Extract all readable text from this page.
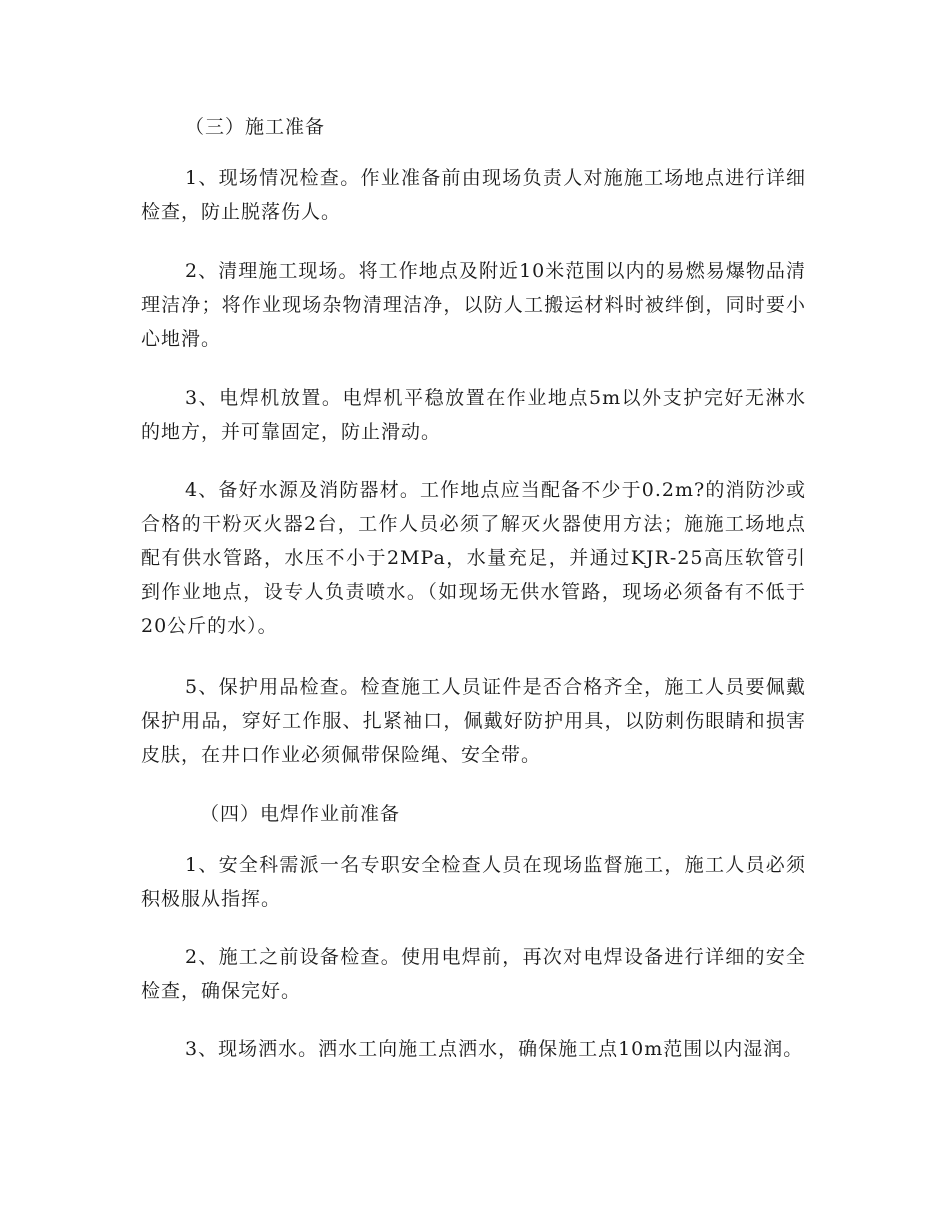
（三）施工准备

1、现场情况检查。作业准备前由现场负责人对施施工场地点进行详细检查，防止脱落伤人。

2、清理施工现场。将工作地点及附近10米范围以内的易燃易爆物品清理洁净；将作业现场杂物清理洁净，以防人工搬运材料时被绊倒，同时要小心地滑。

3、电焊机放置。电焊机平稳放置在作业地点5m以外支护完好无淋水的地方，并可靠固定，防止滑动。

4、备好水源及消防器材。工作地点应当配备不少于0.2m?的消防沙或合格的干粉灭火器2台，工作人员必须了解灭火器使用方法；施施工场地点配有供水管路，水压不小于2MPa，水量充足，并通过KJR-25高压软管引到作业地点，设专人负责喷水。（如现场无供水管路，现场必须备有不低于20公斤的水）。

5、保护用品检查。检查施工人员证件是否合格齐全，施工人员要佩戴保护用品，穿好工作服、扎紧袖口，佩戴好防护用具，以防刺伤眼睛和损害皮肤，在井口作业必须佩带保险绳、安全带。

（四）电焊作业前准备

1、安全科需派一名专职安全检查人员在现场监督施工，施工人员必须积极服从指挥。

2、施工之前设备检查。使用电焊前，再次对电焊设备进行详细的安全检查，确保完好。

3、现场洒水。洒水工向施工点洒水，确保施工点10m范围以内湿润。
